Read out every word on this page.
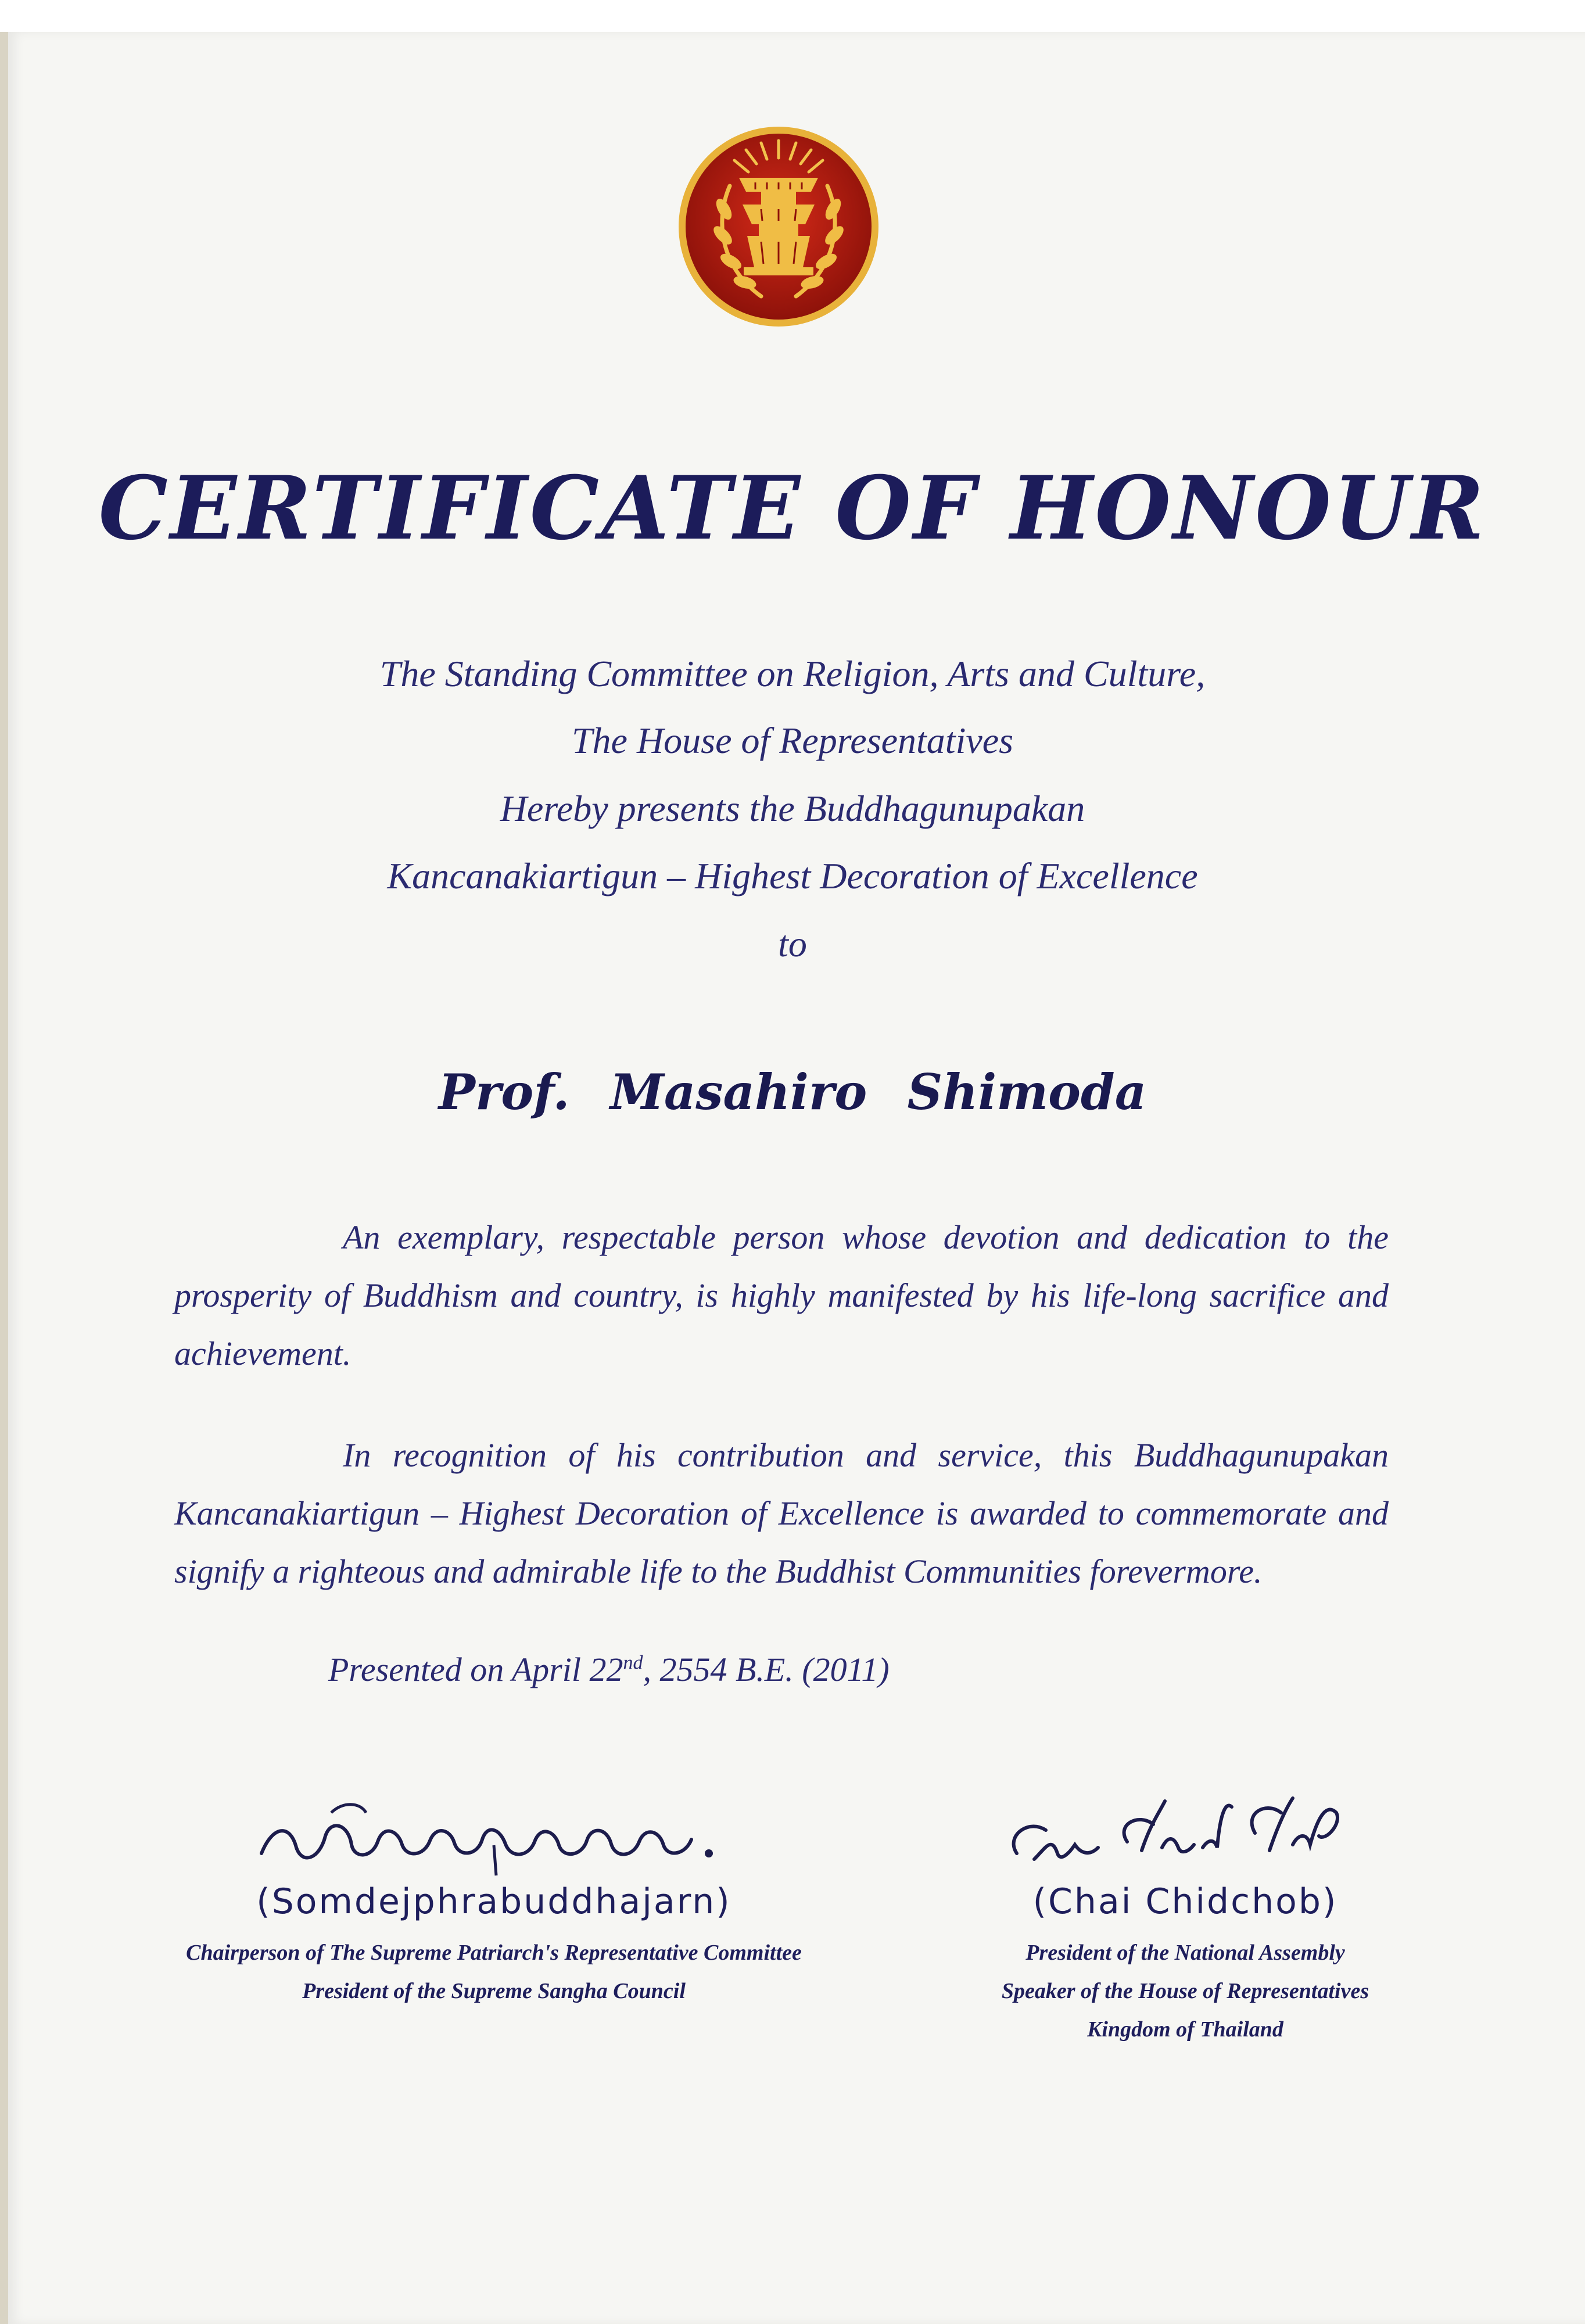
CERTIFICATE OF HONOUR
The Standing Committee on Religion, Arts and Culture,
The House of Representatives
Hereby presents the Buddhagunupakan
Kancanakiartigun – Highest Decoration of Excellence
to
Prof. Masahiro Shimoda
An exemplary, respectable person whose devotion and dedication to the prosperity of Buddhism and country, is highly manifested by his life-long sacrifice and achievement.
In recognition of his contribution and service, this Buddhagunupakan Kancanakiartigun – Highest Decoration of Excellence is awarded to commemorate and signify a righteous and admirable life to the Buddhist Communities forevermore.
Presented on April 22nd, 2554 B.E. (2011)
(Somdejphrabuddhajarn)
Chairperson of The Supreme Patriarch's Representative Committee
President of the Supreme Sangha Council
(Chai Chidchob)
President of the National Assembly
Speaker of the House of Representatives
Kingdom of Thailand
